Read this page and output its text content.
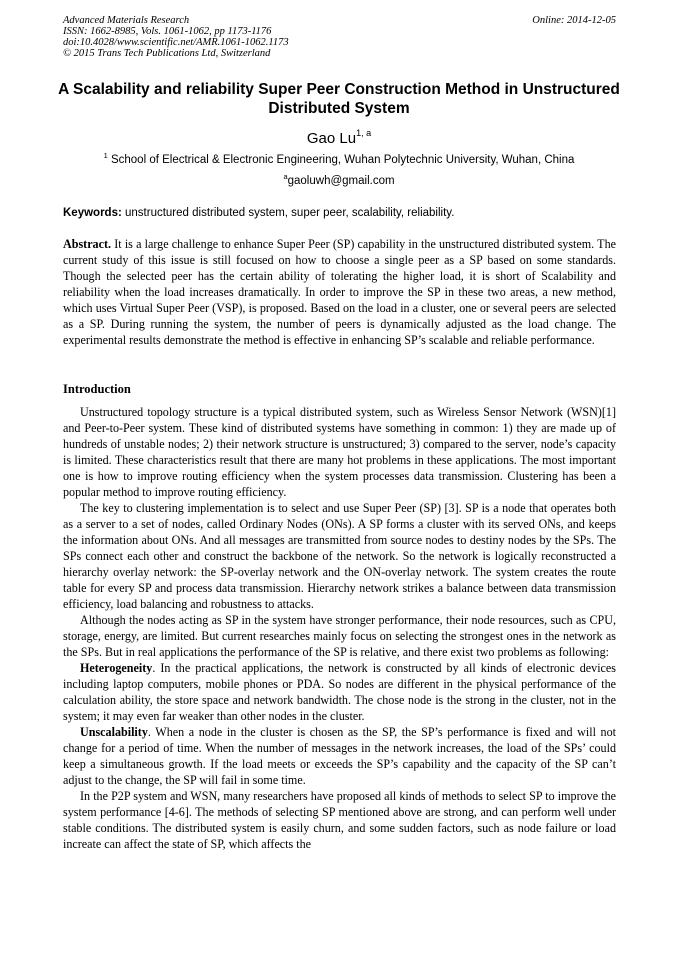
Advanced Materials Research
ISSN: 1662-8985, Vols. 1061-1062, pp 1173-1176
doi:10.4028/www.scientific.net/AMR.1061-1062.1173
© 2015 Trans Tech Publications Ltd, Switzerland
Online: 2014-12-05
A Scalability and reliability Super Peer Construction Method in Unstructured Distributed System
Gao Lu$^{1, a}$
$^1$ School of Electrical & Electronic Engineering, Wuhan Polytechnic University, Wuhan, China
$^a$gaoluwh@gmail.com
Keywords: unstructured distributed system, super peer, scalability, reliability.

Abstract. It is a large challenge to enhance Super Peer (SP) capability in the unstructured distributed system. The current study of this issue is still focused on how to choose a single peer as a SP based on some standards. Though the selected peer has the certain ability of tolerating the higher load, it is short of Scalability and reliability when the load increases dramatically. In order to improve the SP in these two areas, a new method, which uses Virtual Super Peer (VSP), is proposed. Based on the load in a cluster, one or several peers are selected as a SP. During running the system, the number of peers is dynamically adjusted as the load change. The experimental results demonstrate the method is effective in enhancing SP’s scalable and reliable performance.

Introduction

Unstructured topology structure is a typical distributed system, such as Wireless Sensor Network (WSN)[1] and Peer-to-Peer system. These kind of distributed systems have something in common: 1) they are made up of hundreds of unstable nodes; 2) their network structure is unstructured; 3) compared to the server, node’s capacity is limited. These characteristics result that there are many hot problems in these applications. The most important one is how to improve routing efficiency when the system processes data transmission. Clustering has been a popular method to improve routing efficiency.

The key to clustering implementation is to select and use Super Peer (SP) [3]. SP is a node that operates both as a server to a set of nodes, called Ordinary Nodes (ONs). A SP forms a cluster with its served ONs, and keeps the information about ONs. And all messages are transmitted from source nodes to destiny nodes by the SPs. The SPs connect each other and construct the backbone of the network. So the network is logically reconstructed a hierarchy overlay network: the SP-overlay network and the ON-overlay network. The system creates the route table for every SP and process data transmission. Hierarchy network strikes a balance between data transmission efficiency, load balancing and robustness to attacks.

Although the nodes acting as SP in the system have stronger performance, their node resources, such as CPU, storage, energy, are limited. But current researches mainly focus on selecting the strongest ones in the network as the SPs. But in real applications the performance of the SP is relative, and there exist two problems as following:

Heterogeneity. In the practical applications, the network is constructed by all kinds of electronic devices including laptop computers, mobile phones or PDA. So nodes are different in the physical performance of the calculation ability, the store space and network bandwidth. The chose node is the strong in the cluster, not in the system; it may even far weaker than other nodes in the cluster.

Unscalability. When a node in the cluster is chosen as the SP, the SP’s performance is fixed and will not change for a period of time. When the number of messages in the network increases, the load of the SPs’ could keep a simultaneous growth. If the load meets or exceeds the SP’s capability and the capacity of the SP can’t adjust to the change, the SP will fail in some time.

In the P2P system and WSN, many researchers have proposed all kinds of methods to select SP to improve the system performance [4-6]. The methods of selecting SP mentioned above are strong, and can perform well under stable conditions. The distributed system is easily churn, and some sudden factors, such as node failure or load increate can affect the state of SP, which affects the
